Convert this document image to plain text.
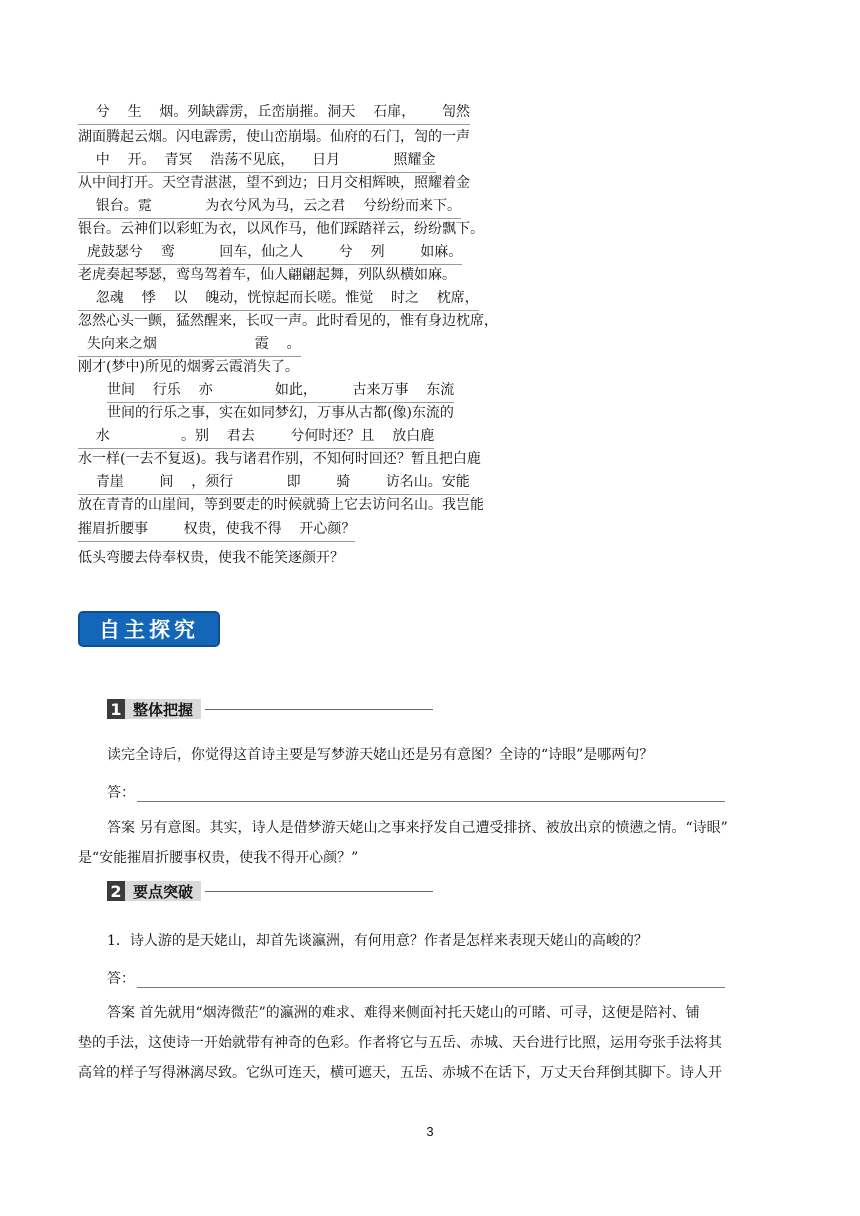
兮    生    烟。列缺霹雳，丘峦崩摧。洞天    石扉，      訇然
湖面腾起云烟。闪电霹雳，使山峦崩塌。仙府的石门，訇的一声
中    开。  青冥    浩荡不见底，    日月            照耀金
从中间打开。天空青湛湛，望不到边；日月交相辉映，照耀着金
银台。霓            为衣兮风为马，云之君    兮纷纷而来下。
银台。云神们以彩虹为衣，以风作马，他们踩踏祥云，纷纷飘下。
虎鼓瑟兮    鸾          回车，仙之人        兮    列        如麻。
老虎奏起琴瑟，鸾鸟驾着车，仙人翩翩起舞，列队纵横如麻。
忽魂    悸    以    魄动，恍惊起而长嗟。惟觉    时之    枕席，
忽然心头一颤，猛然醒来，长叹一声。此时看见的，惟有身边枕席，
失向来之烟                      霞    。
刚才(梦中)所见的烟雾云霞消失了。
世间    行乐    亦              如此，        古来万事    东流
世间的行乐之事，实在如同梦幻，万事从古都(像)东流的
水                。别    君去        兮何时还？且    放白鹿
水一样(一去不复返)。我与诸君作别，不知何时回还？暂且把白鹿
青崖        间    ，须行            即        骑        访名山。安能
放在青青的山崖间，等到要走的时候就骑上它去访问名山。我岂能
摧眉折腰事        权贵，使我不得    开心颜？
低头弯腰去侍奉权贵，使我不能笑逐颜开？
自主探究
1 整体把握
读完全诗后，你觉得这首诗主要是写梦游天姥山还是另有意图？全诗的“诗眼”是哪两句？
答：
答案 另有意图。其实，诗人是借梦游天姥山之事来抒发自己遭受排挤、被放出京的愤懑之情。“诗眼”
是“安能摧眉折腰事权贵，使我不得开心颜？”
2 要点突破
1．诗人游的是天姥山，却首先谈瀛洲，有何用意？作者是怎样来表现天姥山的高峻的？
答：
答案 首先就用“烟涛微茫”的瀛洲的难求、难得来侧面衬托天姥山的可睹、可寻，这便是陪衬、铺
垫的手法，这使诗一开始就带有神奇的色彩。作者将它与五岳、赤城、天台进行比照，运用夸张手法将其
高耸的样子写得淋漓尽致。它纵可连天，横可遮天，五岳、赤城不在话下，万丈天台拜倒其脚下。诗人开
3
